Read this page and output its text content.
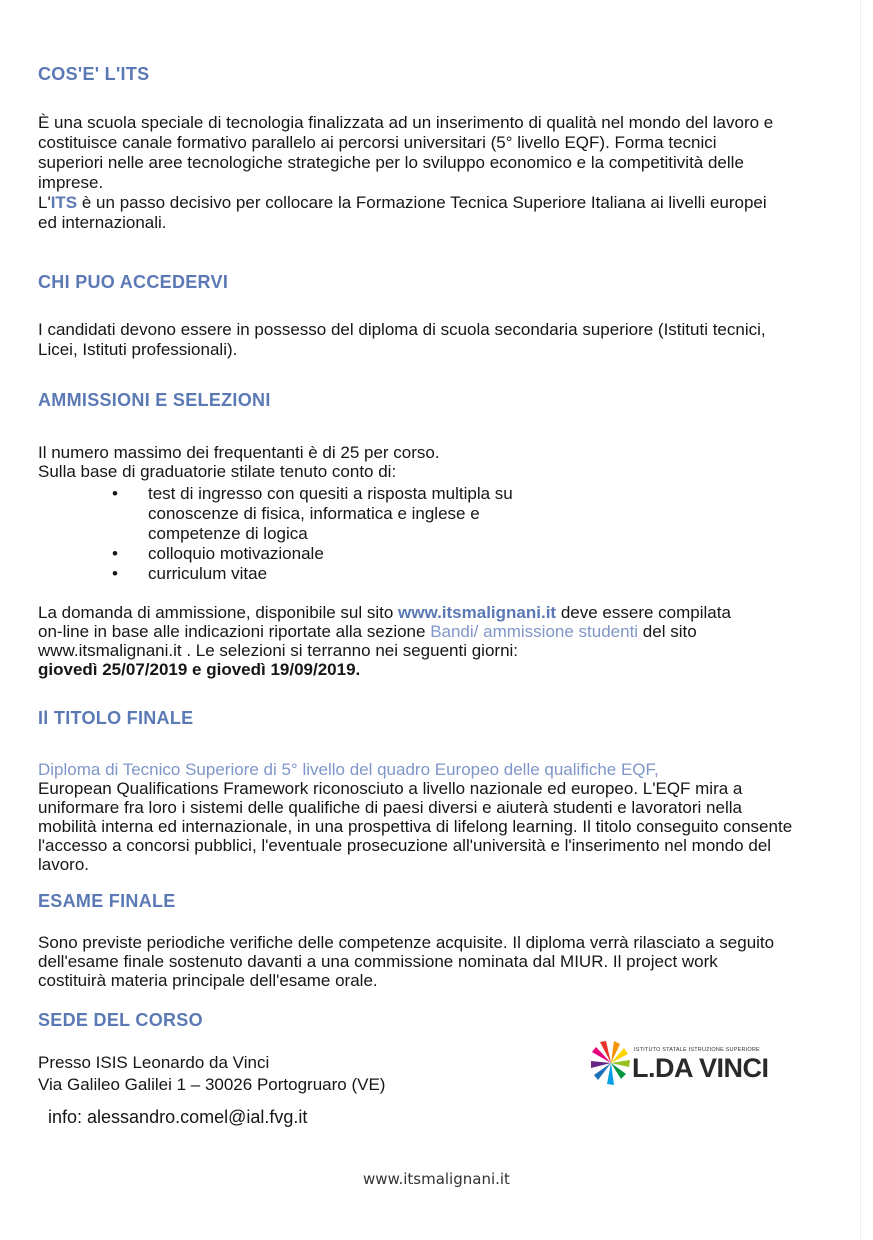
COS'E' L'ITS
È una scuola speciale di tecnologia finalizzata ad un inserimento di qualità nel mondo del lavoro e costituisce canale formativo parallelo ai percorsi universitari (5° livello EQF). Forma tecnici superiori nelle aree tecnologiche strategiche per lo sviluppo economico e la competitività delle imprese.
L'ITS è un passo decisivo per collocare la Formazione Tecnica Superiore Italiana ai livelli europei ed internazionali.
CHI PUO ACCEDERVI
I candidati devono essere in possesso del diploma di scuola secondaria superiore (Istituti tecnici, Licei, Istituti professionali).
AMMISSIONI E SELEZIONI
Il numero massimo dei frequentanti è di 25 per corso.
Sulla base di graduatorie stilate tenuto conto di:
• test di ingresso con quesiti a risposta multipla su conoscenze di fisica, informatica e inglese e competenze di logica
• colloquio motivazionale
• curriculum vitae
La domanda di ammissione, disponibile sul sito www.itsmalignani.it deve essere compilata on-line in base alle indicazioni riportate alla sezione Bandi/ ammissione studenti del sito www.itsmalignani.it . Le selezioni si terranno nei seguenti giorni:
giovedì 25/07/2019 e giovedì 19/09/2019.
Il TITOLO FINALE
Diploma di Tecnico Superiore di 5° livello del quadro Europeo delle qualifiche EQF,
European Qualifications Framework riconosciuto a livello nazionale ed europeo. L'EQF mira a uniformare fra loro i sistemi delle qualifiche di paesi diversi e aiuterà studenti e lavoratori nella mobilità interna ed internazionale, in una prospettiva di lifelong learning. Il titolo conseguito consente l'accesso a concorsi pubblici, l'eventuale prosecuzione all'università e l'inserimento nel mondo del lavoro.
ESAME FINALE
Sono previste periodiche verifiche delle competenze acquisite. Il diploma verrà rilasciato a seguito dell'esame finale sostenuto davanti a una commissione nominata dal MIUR. Il project work costituirà materia principale dell'esame orale.
SEDE DEL CORSO
Presso ISIS Leonardo da Vinci
Via Galileo Galilei 1 – 30026 Portogruaro (VE)
info: alessandro.comel@ial.fvg.it
ISTITUTO STATALE ISTRUZIONE SUPERIORE
L.DA VINCI
www.itsmalignani.it
